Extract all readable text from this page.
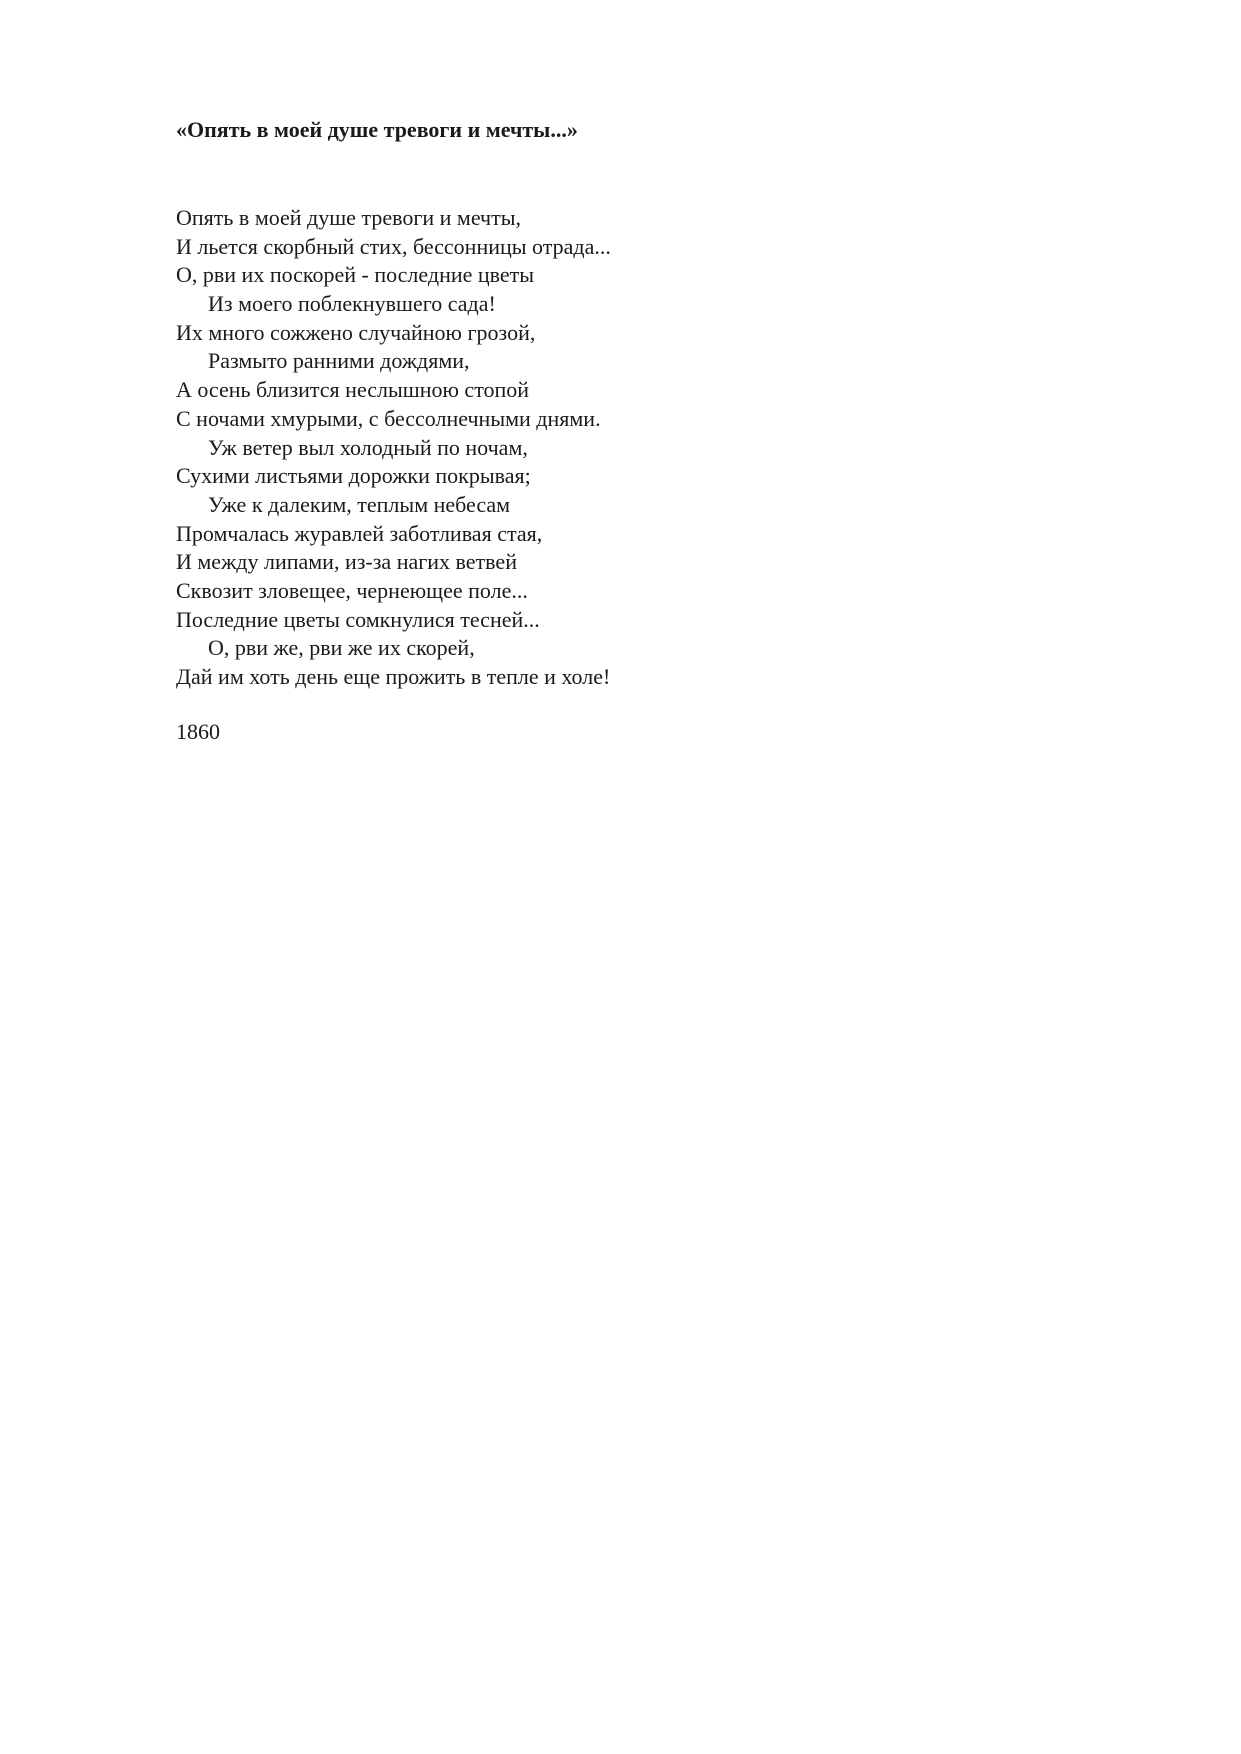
«Опять в моей душе тревоги и мечты...»
Опять в моей душе тревоги и мечты,
И льется скорбный стих, бессонницы отрада...
О, рви их поскорей - последние цветы
Из моего поблекнувшего сада!
Их много сожжено случайною грозой,
Размыто ранними дождями,
А осень близится неслышною стопой
С ночами хмурыми, с бессолнечными днями.
Уж ветер выл холодный по ночам,
Сухими листьями дорожки покрывая;
Уже к далеким, теплым небесам
Промчалась журавлей заботливая стая,
И между липами, из-за нагих ветвей
Сквозит зловещее, чернеющее поле...
Последние цветы сомкнулися тесней...
О, рви же, рви же их скорей,
Дай им хоть день еще прожить в тепле и холе!
1860
